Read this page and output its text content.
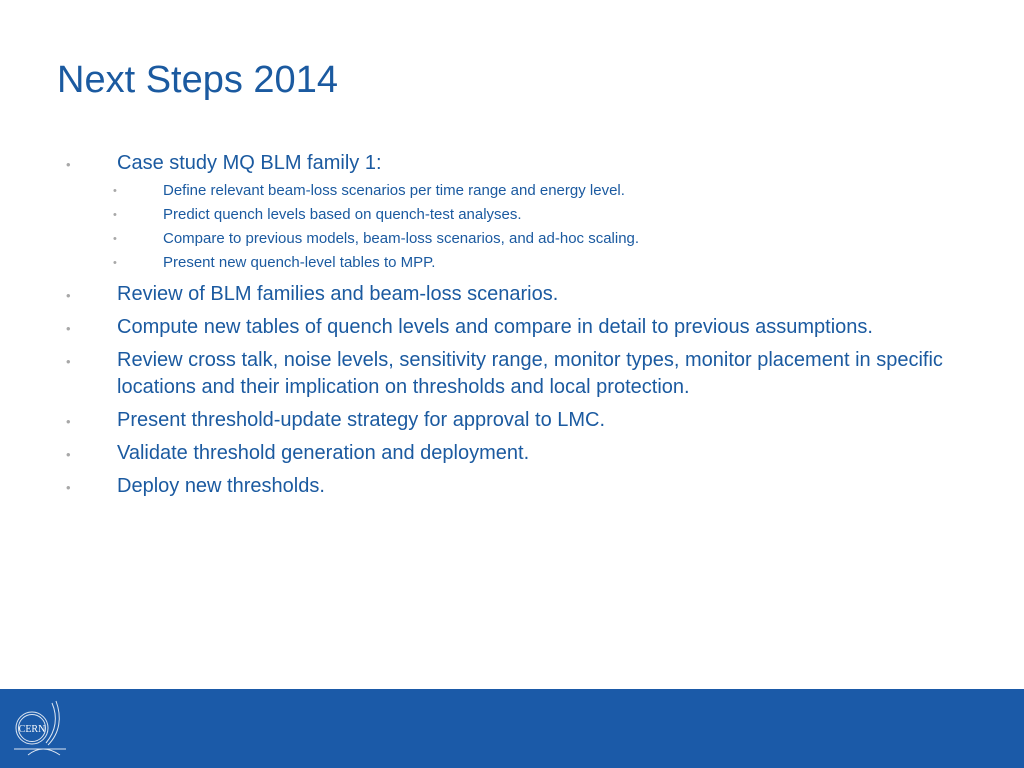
Next Steps 2014
• Case study MQ BLM family 1:
•	Define relevant beam-loss scenarios per time range and energy level.
•	Predict quench levels based on quench-test analyses.
•	Compare to previous models, beam-loss scenarios, and ad-hoc scaling.
•	Present new quench-level tables to MPP.
• Review of BLM families and beam-loss scenarios.
• Compute new tables of quench levels and compare in detail to previous assumptions.
• Review cross talk, noise levels, sensitivity range, monitor types, monitor placement in specific locations and their implication on thresholds and local protection.
• Present threshold-update strategy for approval to LMC.
• Validate threshold generation and deployment.
• Deploy new thresholds.
CERN
